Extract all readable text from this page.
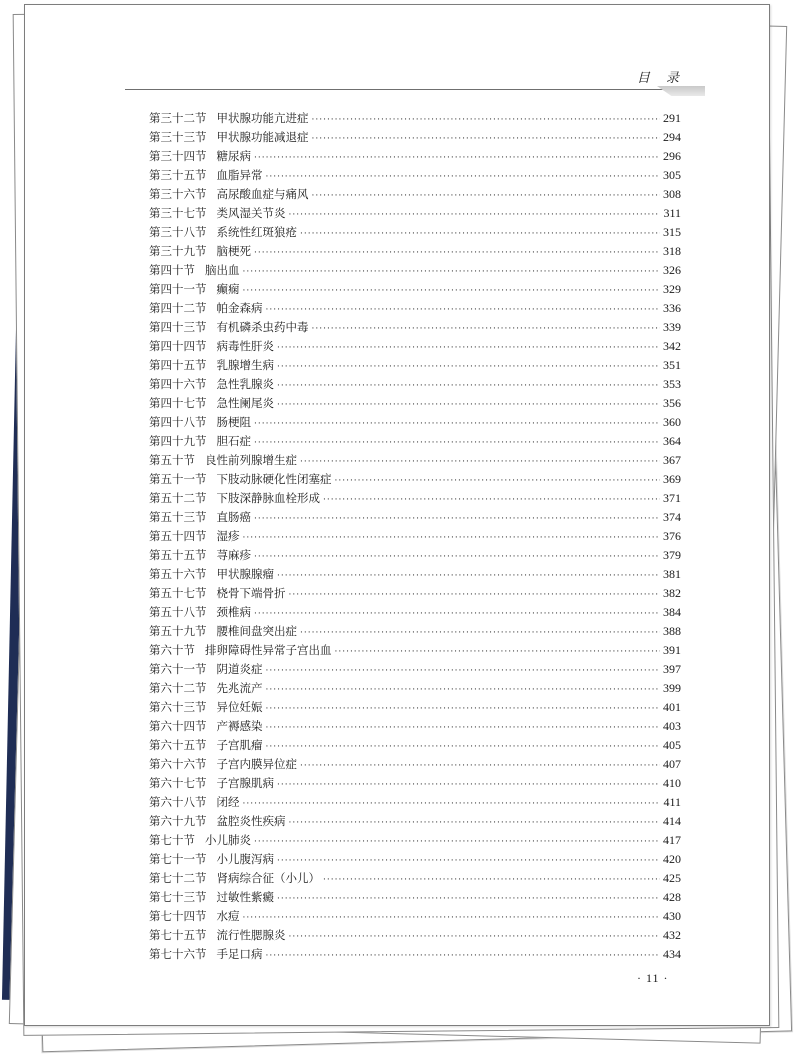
目 录
第三十二节 甲状腺功能亢进症 ·····	291
第三十三节 甲状腺功能减退症 ·····	294
第三十四节 糖尿病 ·····	296
第三十五节 血脂异常 ·····	305
第三十六节 高尿酸血症与痛风 ·····	308
第三十七节 类风湿关节炎 ·····	311
第三十八节 系统性红斑狼疮 ·····	315
第三十九节 脑梗死 ·····	318
第四十节 脑出血 ·····	326
第四十一节 癫痫 ·····	329
第四十二节 帕金森病 ·····	336
第四十三节 有机磷杀虫药中毒 ·····	339
第四十四节 病毒性肝炎 ·····	342
第四十五节 乳腺增生病 ·····	351
第四十六节 急性乳腺炎 ·····	353
第四十七节 急性阑尾炎 ·····	356
第四十八节 肠梗阻 ·····	360
第四十九节 胆石症 ·····	364
第五十节 良性前列腺增生症 ·····	367
第五十一节 下肢动脉硬化性闭塞症 ·····	369
第五十二节 下肢深静脉血栓形成 ·····	371
第五十三节 直肠癌 ·····	374
第五十四节 湿疹 ·····	376
第五十五节 荨麻疹 ·····	379
第五十六节 甲状腺腺瘤 ·····	381
第五十七节 桡骨下端骨折 ·····	382
第五十八节 颈椎病 ·····	384
第五十九节 腰椎间盘突出症 ·····	388
第六十节 排卵障碍性异常子宫出血 ·····	391
第六十一节 阴道炎症 ·····	397
第六十二节 先兆流产 ·····	399
第六十三节 异位妊娠 ·····	401
第六十四节 产褥感染 ·····	403
第六十五节 子宫肌瘤 ·····	405
第六十六节 子宫内膜异位症 ·····	407
第六十七节 子宫腺肌病 ·····	410
第六十八节 闭经 ·····	411
第六十九节 盆腔炎性疾病 ·····	414
第七十节 小儿肺炎 ·····	417
第七十一节 小儿腹泻病 ·····	420
第七十二节 肾病综合征（小儿） ·····	425
第七十三节 过敏性紫癜 ·····	428
第七十四节 水痘 ·····	430
第七十五节 流行性腮腺炎 ·····	432
第七十六节 手足口病 ·····	434
· 11 ·
